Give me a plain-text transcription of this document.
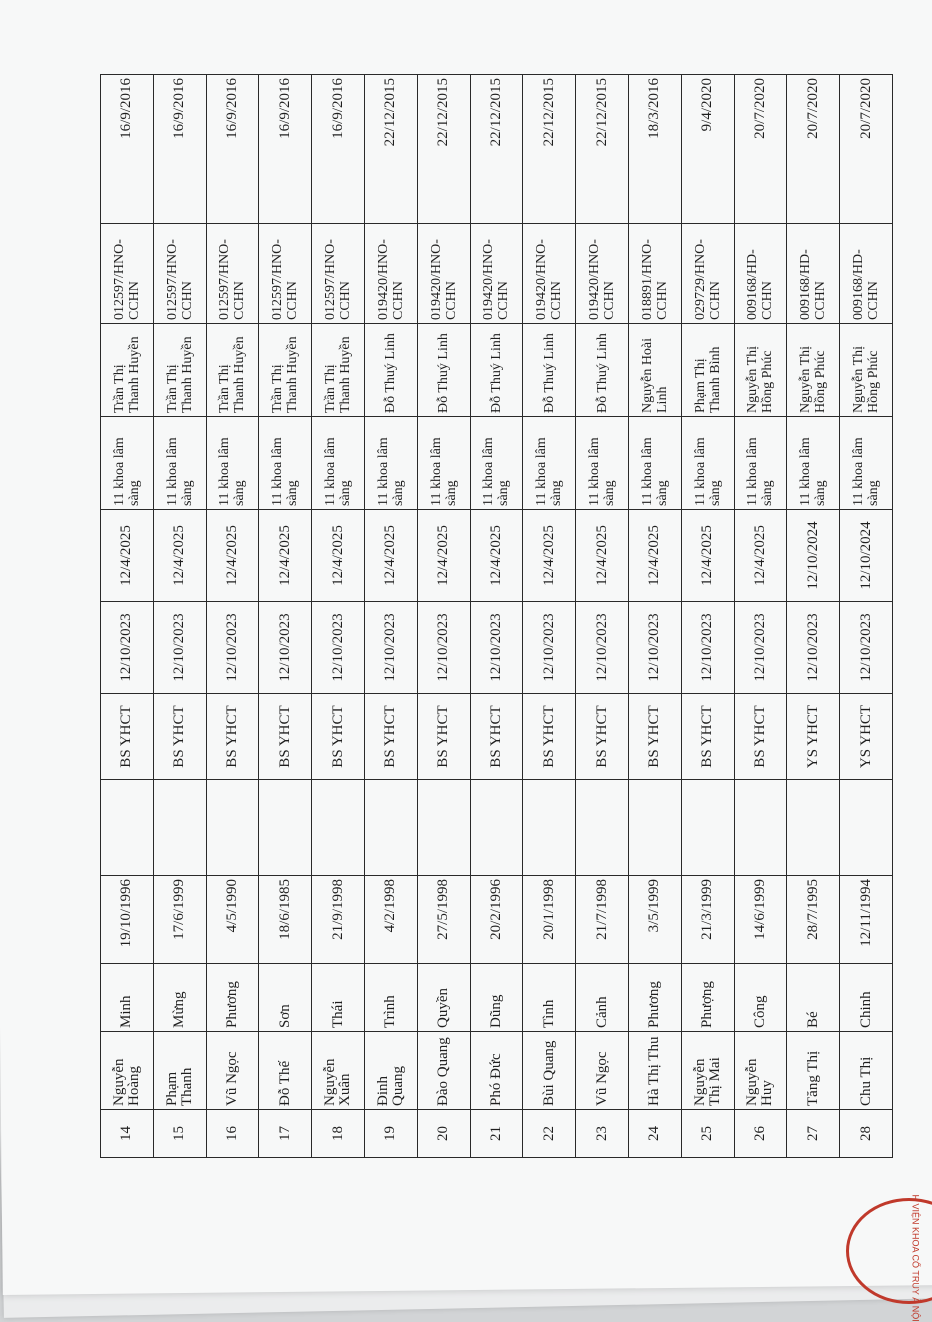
14	Nguyễn Hoàng	Minh	19/10/1996		BS YHCT	12/10/2023	12/4/2025	11 khoa lâm sàng	Trần Thị Thanh Huyền	012597/HNO-CCHN	16/9/2016
15	Phạm Thanh	Mừng	17/6/1999		BS YHCT	12/10/2023	12/4/2025	11 khoa lâm sàng	Trần Thị Thanh Huyền	012597/HNO-CCHN	16/9/2016
16	Vũ Ngọc	Phương	4/5/1990		BS YHCT	12/10/2023	12/4/2025	11 khoa lâm sàng	Trần Thị Thanh Huyền	012597/HNO-CCHN	16/9/2016
17	Đỗ Thế	Sơn	18/6/1985		BS YHCT	12/10/2023	12/4/2025	11 khoa lâm sàng	Trần Thị Thanh Huyền	012597/HNO-CCHN	16/9/2016
18	Nguyễn Xuân	Thái	21/9/1998		BS YHCT	12/10/2023	12/4/2025	11 khoa lâm sàng	Trần Thị Thanh Huyền	012597/HNO-CCHN	16/9/2016
19	Đinh Quang	Trình	4/2/1998		BS YHCT	12/10/2023	12/4/2025	11 khoa lâm sàng	Đỗ Thuý Linh	019420/HNO-CCHN	22/12/2015
20	Đào Quang	Quyền	27/5/1998		BS YHCT	12/10/2023	12/4/2025	11 khoa lâm sàng	Đỗ Thuý Linh	019420/HNO-CCHN	22/12/2015
21	Phó Đức	Dũng	20/2/1996		BS YHCT	12/10/2023	12/4/2025	11 khoa lâm sàng	Đỗ Thuý Linh	019420/HNO-CCHN	22/12/2015
22	Bùi Quang	Tình	20/1/1998		BS YHCT	12/10/2023	12/4/2025	11 khoa lâm sàng	Đỗ Thuý Linh	019420/HNO-CCHN	22/12/2015
23	Vũ Ngọc	Cảnh	21/7/1998		BS YHCT	12/10/2023	12/4/2025	11 khoa lâm sàng	Đỗ Thuý Linh	019420/HNO-CCHN	22/12/2015
24	Hà Thị Thu	Phương	3/5/1999		BS YHCT	12/10/2023	12/4/2025	11 khoa lâm sàng	Nguyễn Hoài Linh	018891/HNO-CCHN	18/3/2016
25	Nguyễn Thị Mai	Phượng	21/3/1999		BS YHCT	12/10/2023	12/4/2025	11 khoa lâm sàng	Phạm Thị Thanh Bình	029729/HNO-CCHN	9/4/2020
26	Nguyễn Huy	Công	14/6/1999		BS YHCT	12/10/2023	12/4/2025	11 khoa lâm sàng	Nguyễn Thị Hồng Phúc	009168/HD-CCHN	20/7/2020
27	Tăng Thị	Bé	28/7/1995		YS YHCT	12/10/2023	12/10/2024	11 khoa lâm sàng	Nguyễn Thị Hồng Phúc	009168/HD-CCHN	20/7/2020
28	Chu Thị	Chinh	12/11/1994		YS YHCT	12/10/2023	12/10/2024	11 khoa lâm sàng	Nguyễn Thị Hồng Phúc	009168/HD-CCHN	20/7/2020
